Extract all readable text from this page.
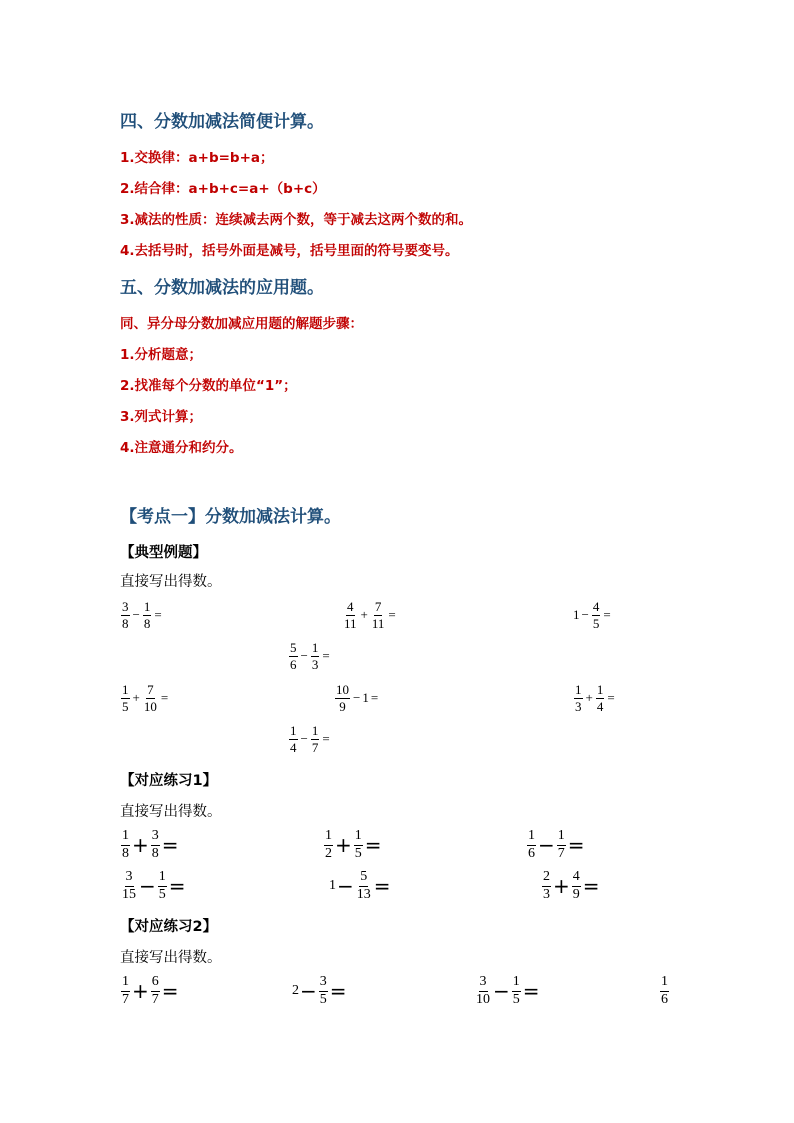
四、分数加减法简便计算。
1.交换律：a+b=b+a；
2.结合律：a+b+c=a+（b+c）
3.减法的性质：连续减去两个数，等于减去这两个数的和。
4.去括号时，括号外面是减号，括号里面的符号要变号。
五、分数加减法的应用题。
同、异分母分数加减应用题的解题步骤：
1.分析题意；
2.找准每个分数的单位“1”；
3.列式计算；
4.注意通分和约分。
【考点一】分数加减法计算。
【典型例题】
直接写出得数。
$\frac{3}{8} - \frac{1}{8}$ =	$\frac{4}{11} + \frac{7}{11}$ =	$1 - \frac{4}{5}$ =
$\frac{5}{6} - \frac{1}{3}$ =
$\frac{1}{5} + \frac{7}{10}$ =	$\frac{10}{9} - 1$ =	$\frac{1}{3} + \frac{1}{4}$ =
$\frac{1}{4} - \frac{1}{7}$ =
【对应练习1】
直接写出得数。
$\frac{1}{8} + \frac{3}{8}$ =	$\frac{1}{2} + \frac{1}{5}$ =	$\frac{1}{6} - \frac{1}{7}$ =
$\frac{3}{15} - \frac{1}{5}$ =	$1 - \frac{5}{13}$ =	$\frac{2}{3} + \frac{4}{9}$ =
【对应练习2】
直接写出得数。
$\frac{1}{7} + \frac{6}{7}$ =	$2 - \frac{3}{5}$ =	$\frac{3}{10} - \frac{1}{5}$ =	$\frac{1}{6}$
